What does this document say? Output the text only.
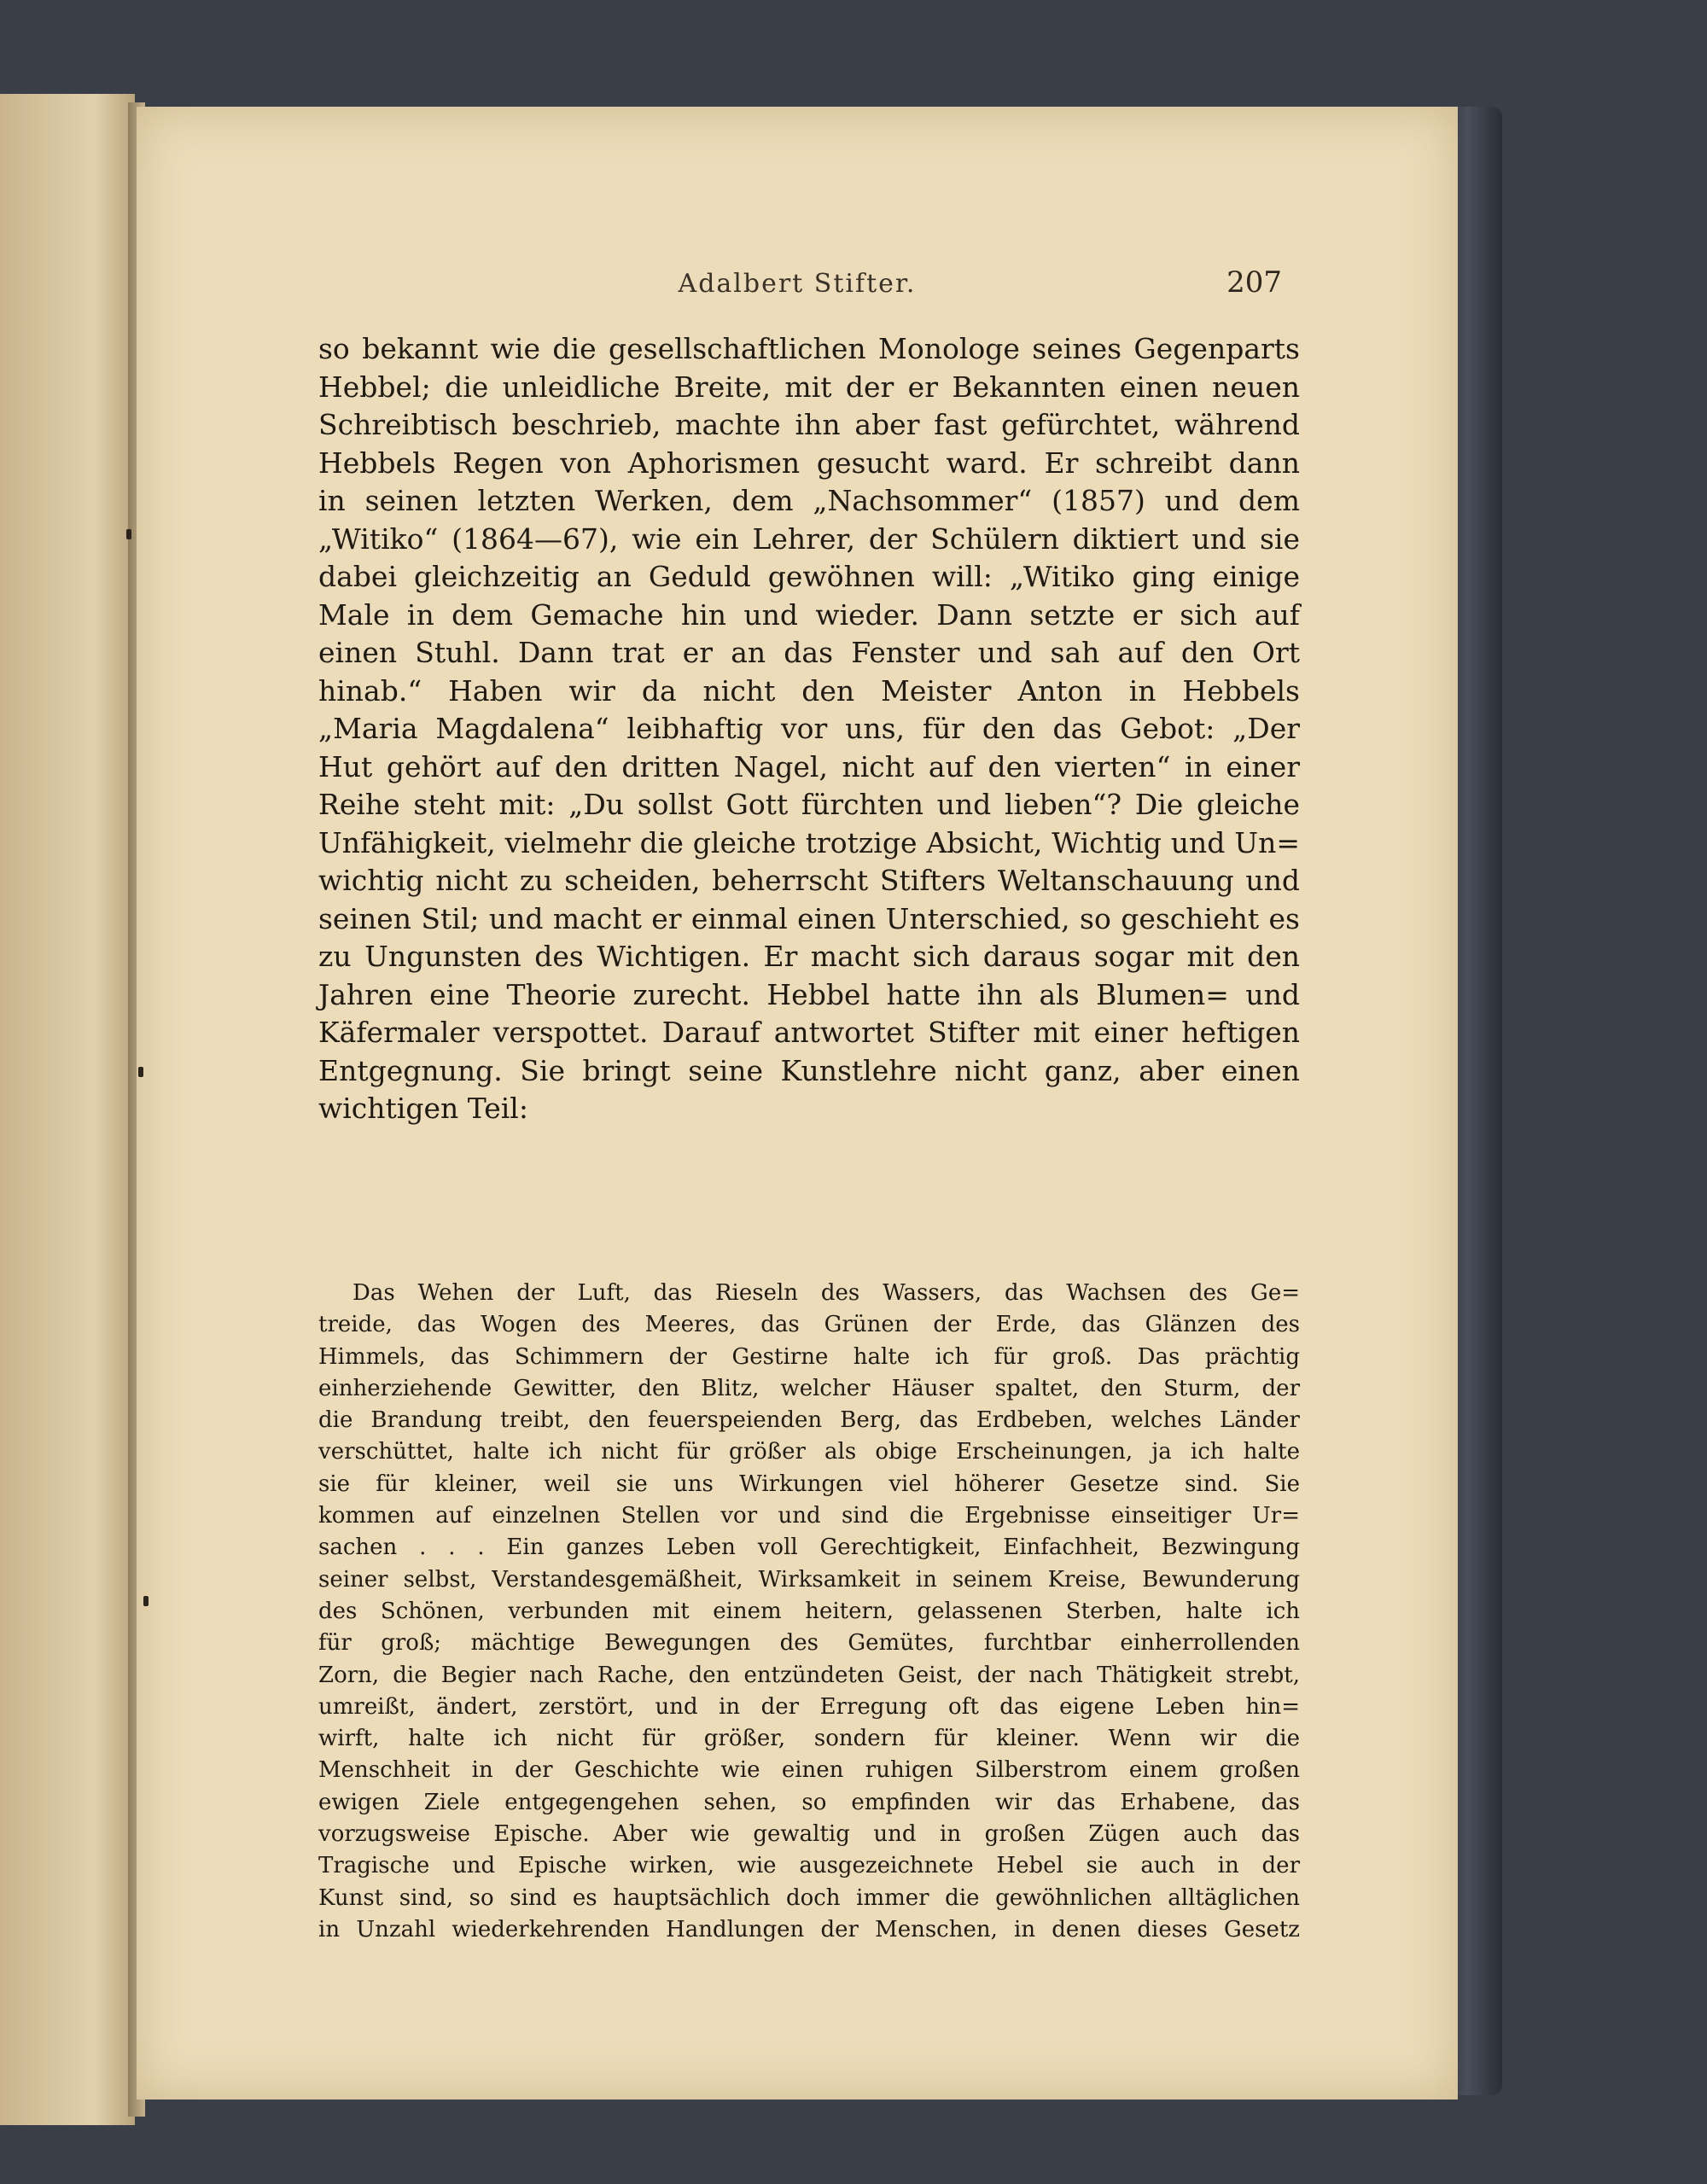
Adalbert Stifter.	207
so bekannt wie die gesellschaftlichen Monologe seines Gegenparts
Hebbel; die unleidliche Breite, mit der er Bekannten einen neuen
Schreibtisch beschrieb, machte ihn aber fast gefürchtet, während
Hebbels Regen von Aphorismen gesucht ward. Er schreibt dann
in seinen letzten Werken, dem „Nachsommer“ (1857) und dem
„Witiko“ (1864—67), wie ein Lehrer, der Schülern diktiert und sie
dabei gleichzeitig an Geduld gewöhnen will: „Witiko ging einige
Male in dem Gemache hin und wieder. Dann setzte er sich auf
einen Stuhl. Dann trat er an das Fenster und sah auf den Ort
hinab.“ Haben wir da nicht den Meister Anton in Hebbels
„Maria Magdalena“ leibhaftig vor uns, für den das Gebot: „Der
Hut gehört auf den dritten Nagel, nicht auf den vierten“ in einer
Reihe steht mit: „Du sollst Gott fürchten und lieben“? Die gleiche
Unfähigkeit, vielmehr die gleiche trotzige Absicht, Wichtig und Un=
wichtig nicht zu scheiden, beherrscht Stifters Weltanschauung und
seinen Stil; und macht er einmal einen Unterschied, so geschieht es
zu Ungunsten des Wichtigen. Er macht sich daraus sogar mit den
Jahren eine Theorie zurecht. Hebbel hatte ihn als Blumen= und
Käfermaler verspottet. Darauf antwortet Stifter mit einer heftigen
Entgegnung. Sie bringt seine Kunstlehre nicht ganz, aber einen
wichtigen Teil:
Das Wehen der Luft, das Rieseln des Wassers, das Wachsen des Ge=
treide, das Wogen des Meeres, das Grünen der Erde, das Glänzen des
Himmels, das Schimmern der Gestirne halte ich für groß. Das prächtig
einherziehende Gewitter, den Blitz, welcher Häuser spaltet, den Sturm, der
die Brandung treibt, den feuerspeienden Berg, das Erdbeben, welches Länder
verschüttet, halte ich nicht für größer als obige Erscheinungen, ja ich halte
sie für kleiner, weil sie uns Wirkungen viel höherer Gesetze sind. Sie
kommen auf einzelnen Stellen vor und sind die Ergebnisse einseitiger Ur=
sachen . . . Ein ganzes Leben voll Gerechtigkeit, Einfachheit, Bezwingung
seiner selbst, Verstandesgemäßheit, Wirksamkeit in seinem Kreise, Bewunderung
des Schönen, verbunden mit einem heitern, gelassenen Sterben, halte ich
für groß; mächtige Bewegungen des Gemütes, furchtbar einherrollenden
Zorn, die Begier nach Rache, den entzündeten Geist, der nach Thätigkeit strebt,
umreißt, ändert, zerstört, und in der Erregung oft das eigene Leben hin=
wirft, halte ich nicht für größer, sondern für kleiner. Wenn wir die
Menschheit in der Geschichte wie einen ruhigen Silberstrom einem großen
ewigen Ziele entgegengehen sehen, so empfinden wir das Erhabene, das
vorzugsweise Epische. Aber wie gewaltig und in großen Zügen auch das
Tragische und Epische wirken, wie ausgezeichnete Hebel sie auch in der
Kunst sind, so sind es hauptsächlich doch immer die gewöhnlichen alltäglichen
in Unzahl wiederkehrenden Handlungen der Menschen, in denen dieses Gesetz
